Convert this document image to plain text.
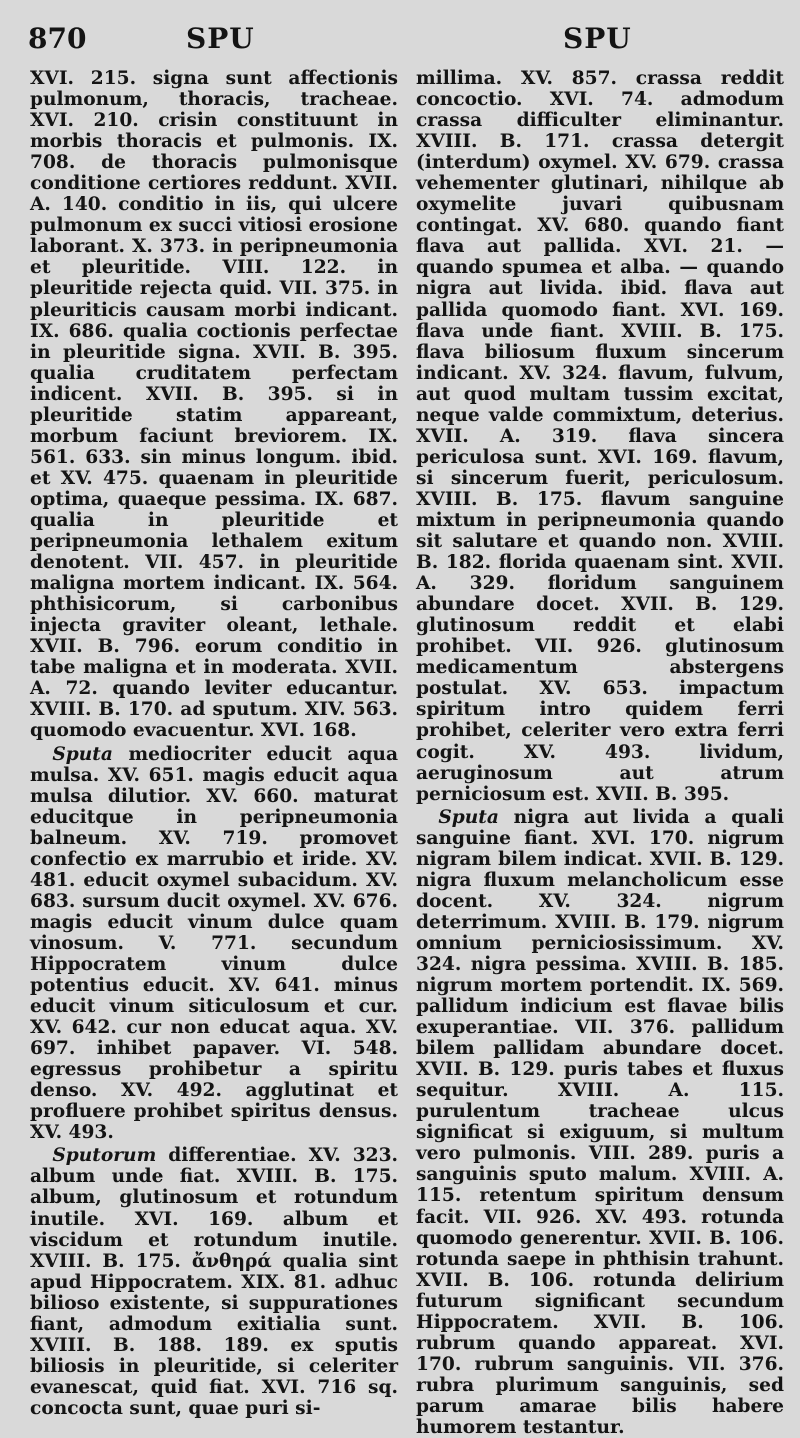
870	SPU	SPU

XVI. 215. signa sunt affectionis pulmonum, thoracis, tracheae. XVI. 210. crisin constituunt in morbis thoracis et pulmonis. IX. 708. de thoracis pulmonisque conditione certiores reddunt. XVII. A. 140. conditio in iis, qui ulcere pulmonum ex succi vitiosi erosione laborant. X. 373. in peripneumonia et pleuritide. VIII. 122. in pleuritide rejecta quid. VII. 375. in pleuriticis causam morbi indicant. IX. 686. qualia coctionis perfectae in pleuritide signa. XVII. B. 395. qualia cruditatem perfectam indicent. XVII. B. 395. si in pleuritide statim appareant, morbum faciunt breviorem. IX. 561. 633. sin minus longum. ibid. et XV. 475. quaenam in pleuritide optima, quaeque pessima. IX. 687. qualia in pleuritide et peripneumonia lethalem exitum denotent. VII. 457. in pleuritide maligna mortem indicant. IX. 564. phthisicorum, si carbonibus injecta graviter oleant, lethale. XVII. B. 796. eorum conditio in tabe maligna et in moderata. XVII. A. 72. quando leviter educantur. XVIII. B. 170. ad sputum. XIV. 563. quomodo evacuentur. XVI. 168.

Sputa mediocriter educit aqua mulsa. XV. 651. magis educit aqua mulsa dilutior. XV. 660. maturat educitque in peripneumonia balneum. XV. 719. promovet confectio ex marrubio et iride. XV. 481. educit oxymel subacidum. XV. 683. sursum ducit oxymel. XV. 676. magis educit vinum dulce quam vinosum. V. 771. secundum Hippocratem vinum dulce potentius educit. XV. 641. minus educit vinum siticulosum et cur. XV. 642. cur non educat aqua. XV. 697. inhibet papaver. VI. 548. egressus prohibetur a spiritu denso. XV. 492. agglutinat et profluere prohibet spiritus densus. XV. 493.

Sputorum differentiae. XV. 323. album unde fiat. XVIII. B. 175. album, glutinosum et rotundum inutile. XVI. 169. album et viscidum et rotundum inutile. XVIII. B. 175. ἄνθηρά qualia sint apud Hippocratem. XIX. 81. adhuc bilioso existente, si suppurationes fiant, admodum exitialia sunt. XVIII. B. 188. 189. ex sputis biliosis in pleuritide, si celeriter evanescat, quid fiat. XVI. 716 sq. concocta sunt, quae puri si-

millima. XV. 857. crassa reddit concoctio. XVI. 74. admodum crassa difficulter eliminantur. XVIII. B. 171. crassa detergit (interdum) oxymel. XV. 679. crassa vehementer glutinari, nihilque ab oxymelite juvari quibusnam contingat. XV. 680. quando fiant flava aut pallida. XVI. 21. — quando spumea et alba. — quando nigra aut livida. ibid. flava aut pallida quomodo fiant. XVI. 169. flava unde fiant. XVIII. B. 175. flava biliosum fluxum sincerum indicant. XV. 324. flavum, fulvum, aut quod multam tussim excitat, neque valde commixtum, deterius. XVII. A. 319. flava sincera periculosa sunt. XVI. 169. flavum, si sincerum fuerit, periculosum. XVIII. B. 175. flavum sanguine mixtum in peripneumonia quando sit salutare et quando non. XVIII. B. 182. florida quaenam sint. XVII. A. 329. floridum sanguinem abundare docet. XVII. B. 129. glutinosum reddit et elabi prohibet. VII. 926. glutinosum medicamentum abstergens postulat. XV. 653. impactum spiritum intro quidem ferri prohibet, celeriter vero extra ferri cogit. XV. 493. lividum, aeruginosum aut atrum perniciosum est. XVII. B. 395.

Sputa nigra aut livida a quali sanguine fiant. XVI. 170. nigrum nigram bilem indicat. XVII. B. 129. nigra fluxum melancholicum esse docent. XV. 324. nigrum deterrimum. XVIII. B. 179. nigrum omnium perniciosissimum. XV. 324. nigra pessima. XVIII. B. 185. nigrum mortem portendit. IX. 569. pallidum indicium est flavae bilis exuperantiae. VII. 376. pallidum bilem pallidam abundare docet. XVII. B. 129. puris tabes et fluxus sequitur. XVIII. A. 115. purulentum tracheae ulcus significat si exiguum, si multum vero pulmonis. VIII. 289. puris a sanguinis sputo malum. XVIII. A. 115. retentum spiritum densum facit. VII. 926. XV. 493. rotunda quomodo generentur. XVII. B. 106. rotunda saepe in phthisin trahunt. XVII. B. 106. rotunda delirium futurum significant secundum Hippocratem. XVII. B. 106. rubrum quando appareat. XVI. 170. rubrum sanguinis. VII. 376. rubra plurimum sanguinis, sed parum amarae bilis habere humorem testantur.
